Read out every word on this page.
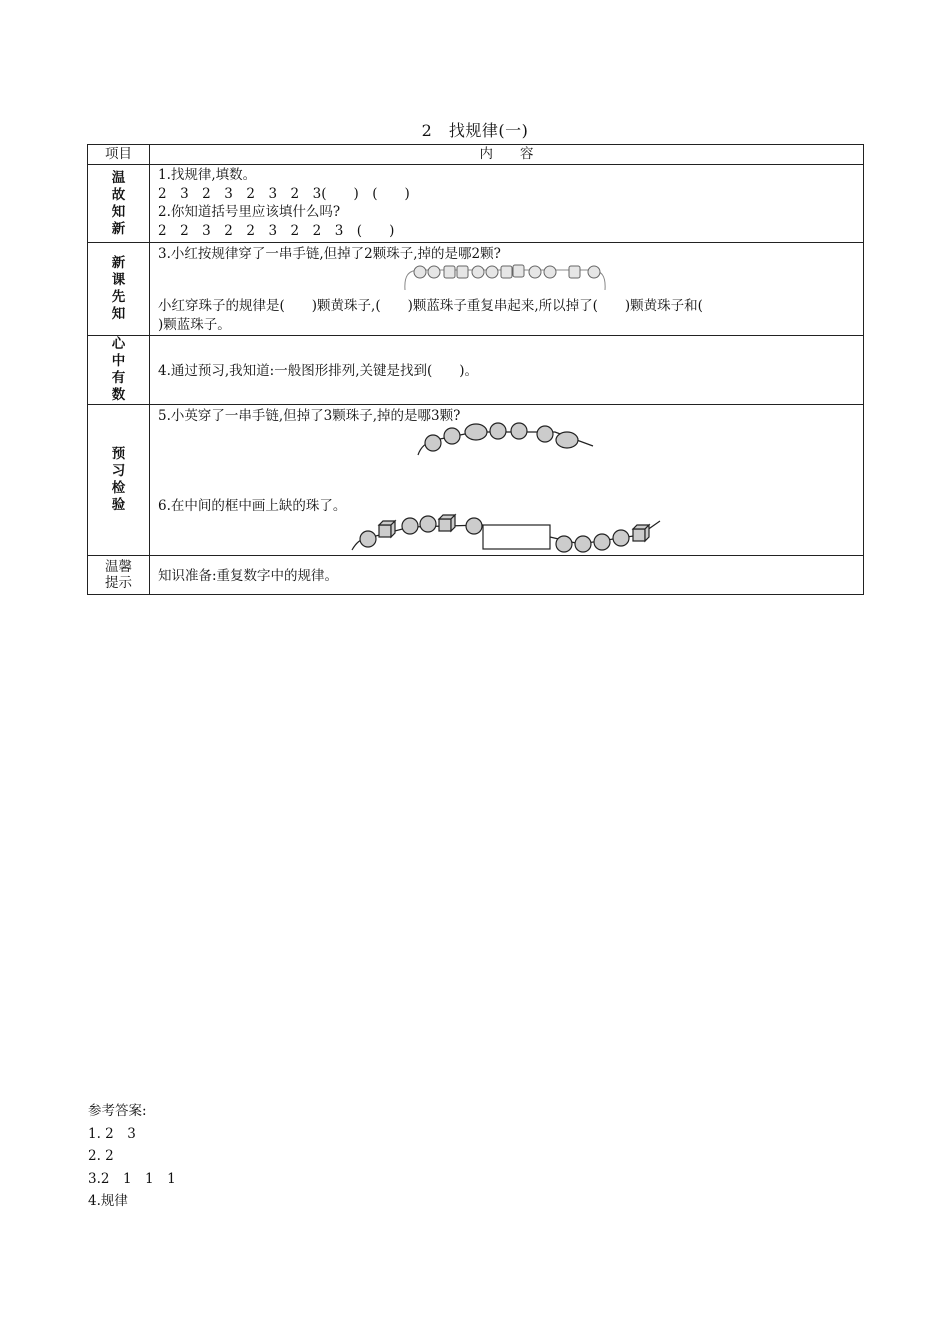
2　找规律(一)
项目	内　　容

温
故
知
新	1.找规律,填数。
2　3　2　3　2　3　2　3(　　)　(　　)
2.你知道括号里应该填什么吗?
2　2　3　2　2　3　2　2　3　(　　)

新
课
先
知	3.小红按规律穿了一串手链,但掉了2颗珠子,掉的是哪2颗?
小红穿珠子的规律是(　　)颗黄珠子,(　　)颗蓝珠子重复串起来,所以掉了(　　)颗黄珠子和(
)颗蓝珠子。

心
中
有
数	4.通过预习,我知道:一般图形排列,关键是找到(　　)。

预
习
检
验	5.小英穿了一串手链,但掉了3颗珠子,掉的是哪3颗?
6.在中间的框中画上缺的珠了。

温馨
提示	知识准备:重复数字中的规律。
参考答案:
1. 2　3
2. 2
3.2　1　1　1
4.规律
